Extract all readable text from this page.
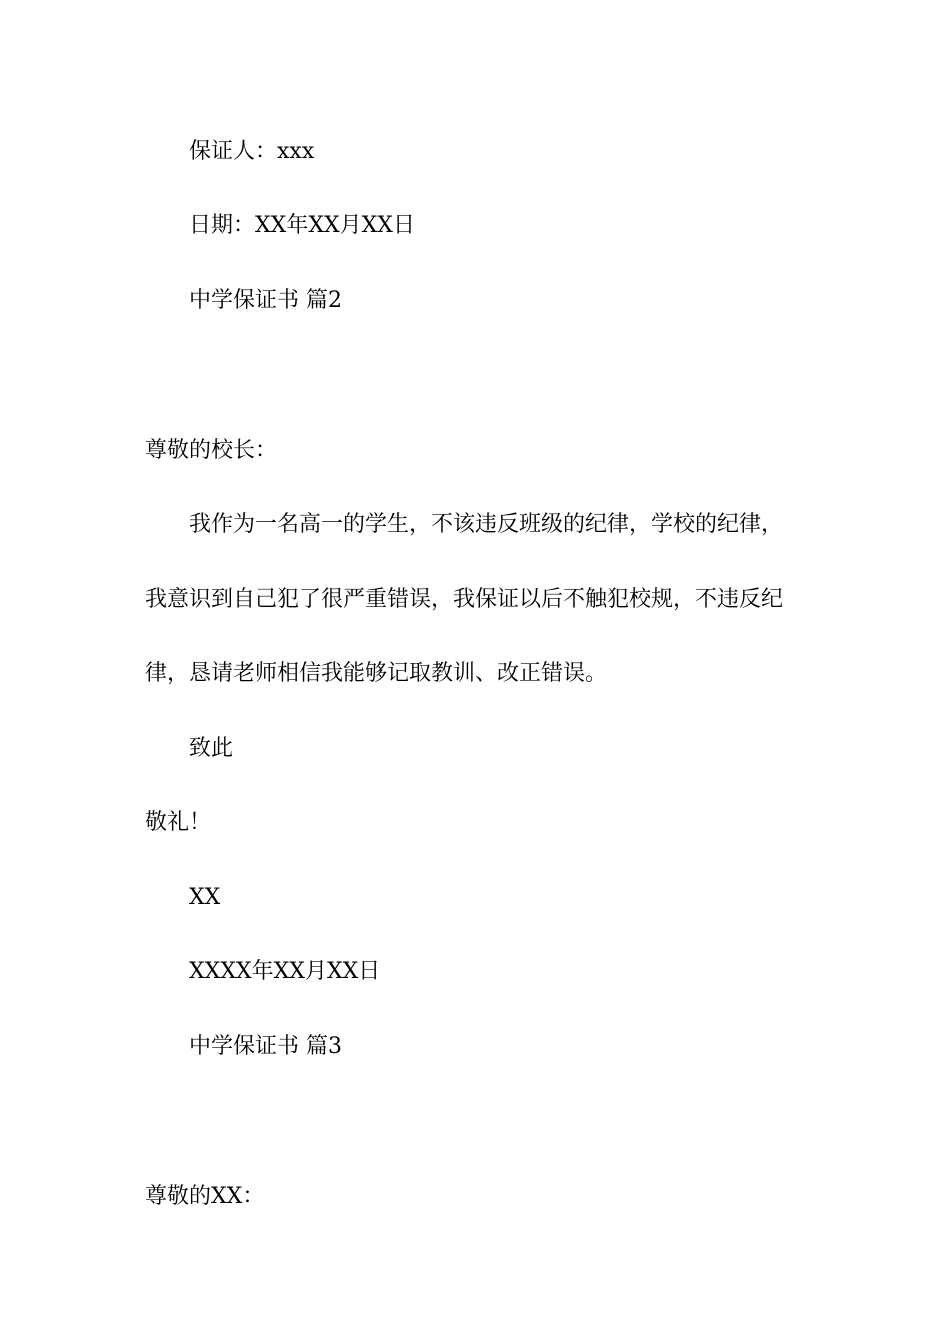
保证人：xxx
日期：XX年XX月XX日
中学保证书 篇2
尊敬的校长：
我作为一名高一的学生，不该违反班级的纪律，学校的纪律，
我意识到自己犯了很严重错误，我保证以后不触犯校规，不违反纪
律，恳请老师相信我能够记取教训、改正错误。
致此
敬礼！
XX
XXXX年XX月XX日
中学保证书 篇3
尊敬的XX：
